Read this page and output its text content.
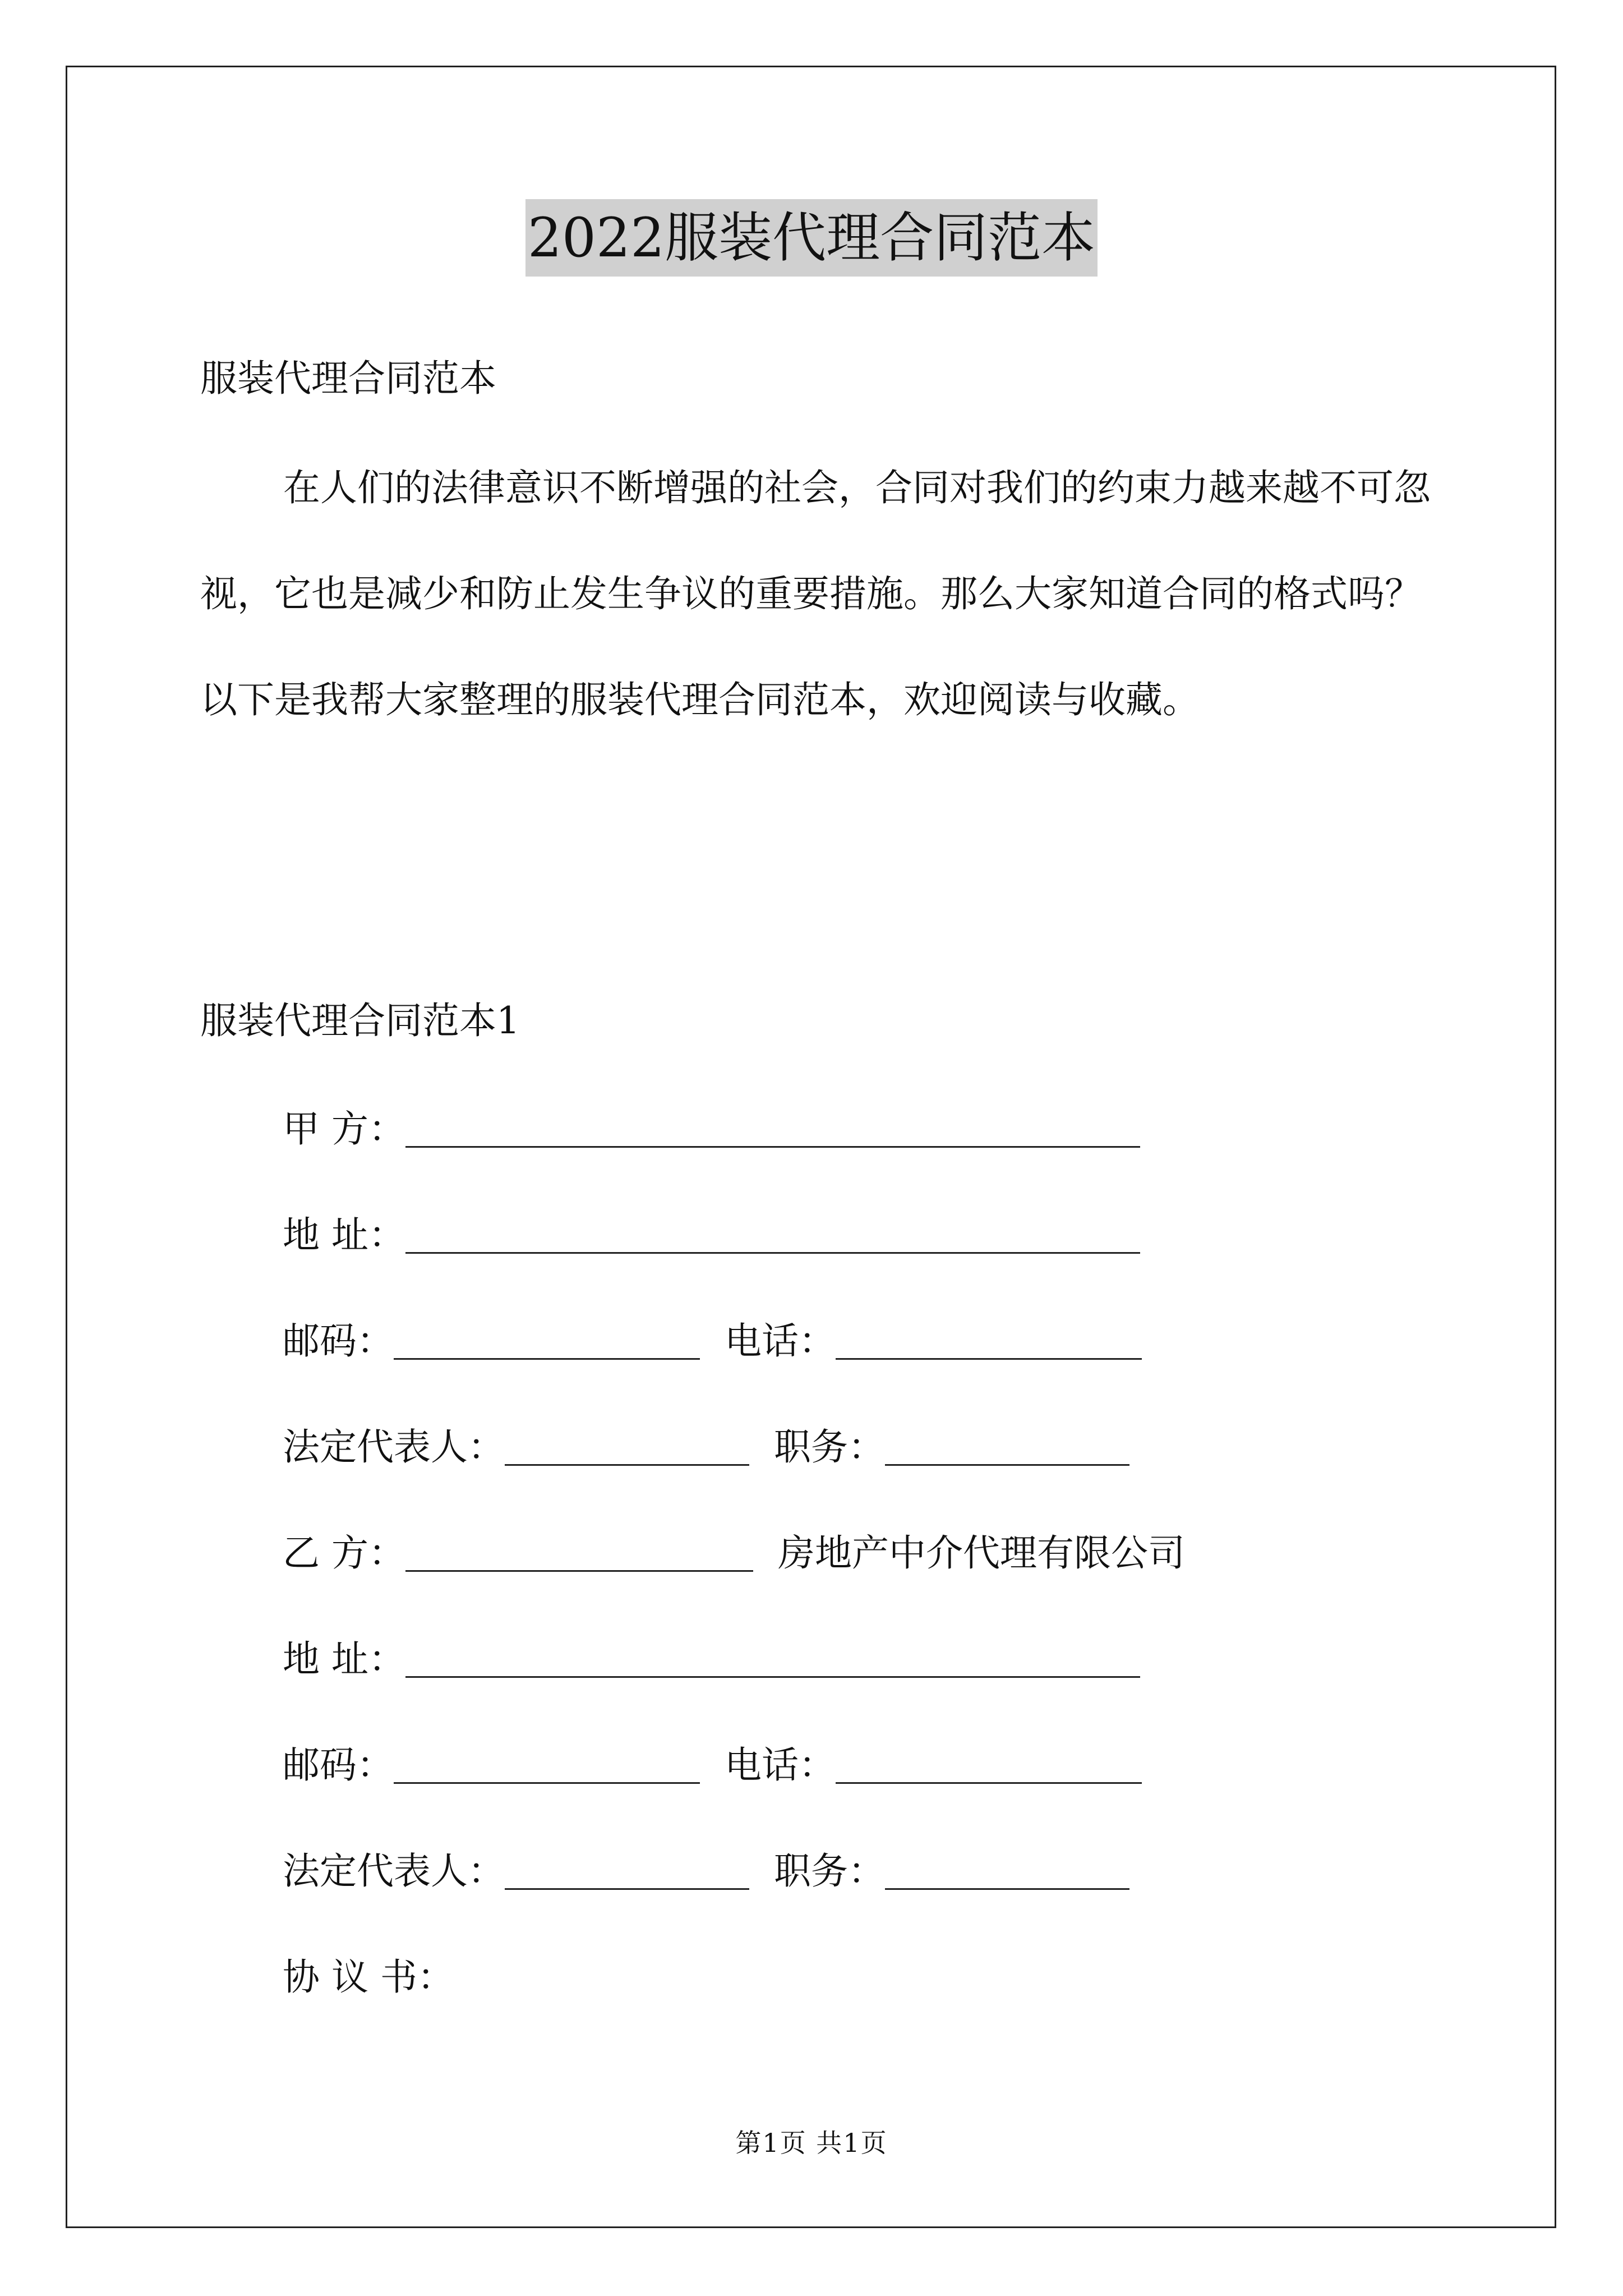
2022服装代理合同范本
服装代理合同范本

在人们的法律意识不断增强的社会，合同对我们的约束力越来越不可忽视，它也是减少和防止发生争议的重要措施。那么大家知道合同的格式吗？以下是我帮大家整理的服装代理合同范本，欢迎阅读与收藏。

服装代理合同范本1
甲 方：
地 址：
邮码：	电话：
法定代表人：	职务：
乙 方：	房地产中介代理有限公司
地 址：
邮码：	电话：
法定代表人：	职务：
协 议 书：
第1页 共1页
